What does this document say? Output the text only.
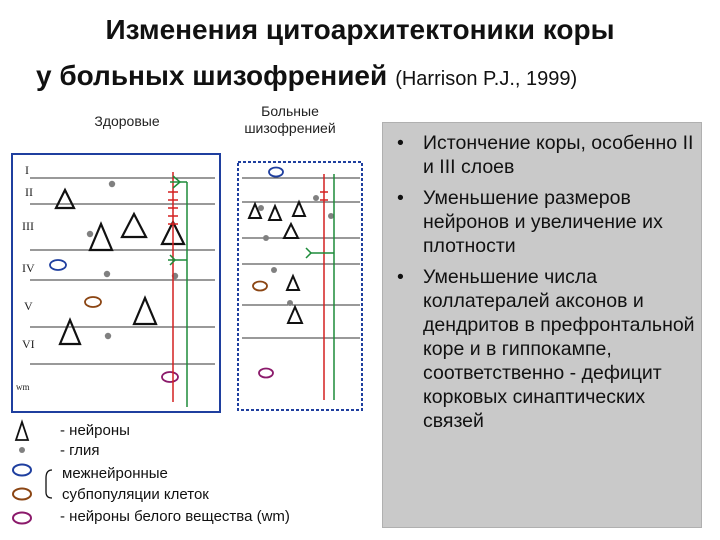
Изменения цитоархитектоники коры
у больных шизофренией (Harrison P.J., 1999)
Здоровые
Больные шизофренией
I
II
III
IV
V
VI
wm
- нейроны
- глия
межнейронные
субпопуляции клеток
- нейроны белого вещества (wm)
• Истончение коры, особенно II и III слоев
• Уменьшение размеров нейронов и увеличение их плотности
• Уменьшение числа коллатералей аксонов и дендритов в префронтальной коре и в гиппокампе, соответственно - дефицит корковых синаптических связей
